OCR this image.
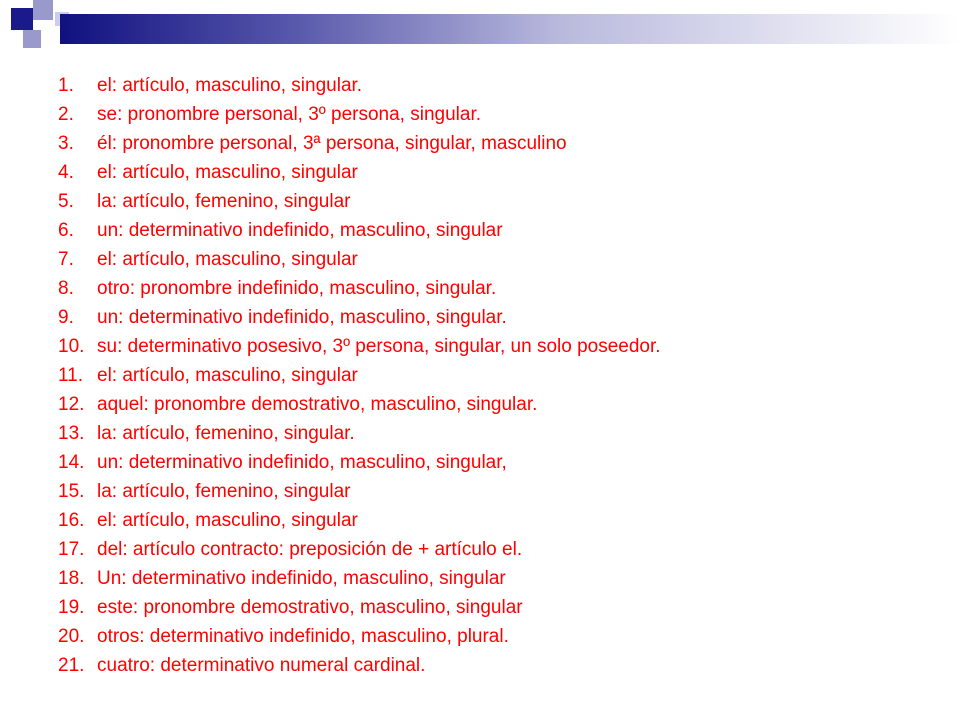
1.	el: artículo, masculino, singular.
2.	se: pronombre personal, 3º persona, singular.
3.	él: pronombre personal, 3ª persona, singular, masculino
4.	el: artículo, masculino, singular
5.	la: artículo, femenino, singular
6.	un: determinativo indefinido, masculino, singular
7.	el: artículo, masculino, singular
8.	otro: pronombre indefinido, masculino, singular.
9.	un: determinativo indefinido, masculino, singular.
10. su: determinativo posesivo, 3º persona, singular, un solo poseedor.
11. el: artículo, masculino, singular
12. aquel: pronombre demostrativo, masculino, singular.
13. la: artículo, femenino, singular.
14. un: determinativo indefinido, masculino, singular,
15. la: artículo, femenino, singular
16. el: artículo, masculino, singular
17. del: artículo contracto: preposición de + artículo el.
18. Un: determinativo indefinido, masculino, singular
19. este: pronombre demostrativo, masculino, singular
20. otros: determinativo indefinido, masculino, plural.
21. cuatro: determinativo numeral cardinal.
